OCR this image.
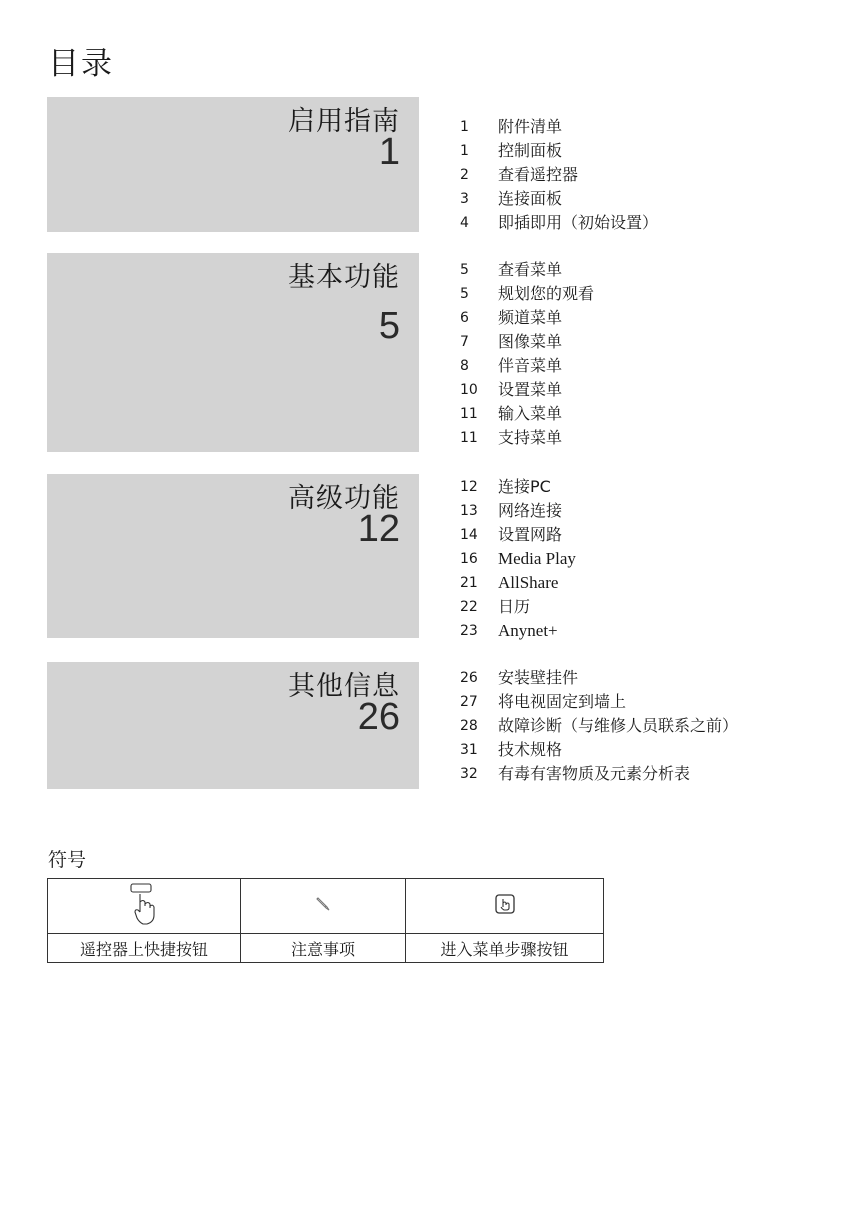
目录
启用指南
1
1	附件清单
1	控制面板
2	查看遥控器
3	连接面板
4	即插即用（初始设置）
基本功能
5
5	查看菜单
5	规划您的观看
6	频道菜单
7	图像菜单
8	伴音菜单
10	设置菜单
11	输入菜单
11	支持菜单
高级功能
12
12	连接PC
13	网络连接
14	设置网路
16	Media Play
21	AllShare
22	日历
23	Anynet+
其他信息
26
26	安装壁挂件
27	将电视固定到墙上
28	故障诊断（与维修人员联系之前）
31	技术规格
32	有毒有害物质及元素分析表
符号

遥控器上快捷按钮	注意事项	进入菜单步骤按钮
